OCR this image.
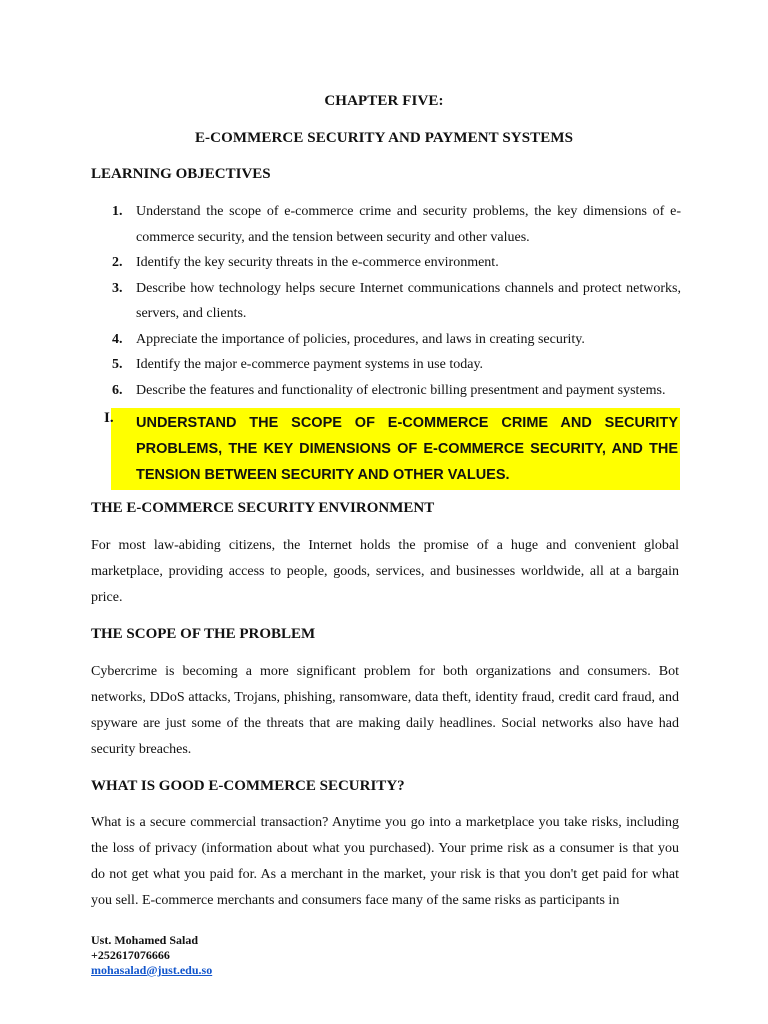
CHAPTER FIVE:
E-COMMERCE SECURITY AND PAYMENT SYSTEMS
LEARNING OBJECTIVES
1. Understand the scope of e-commerce crime and security problems, the key dimensions of e-commerce security, and the tension between security and other values.
2. Identify the key security threats in the e-commerce environment.
3. Describe how technology helps secure Internet communications channels and protect networks, servers, and clients.
4. Appreciate the importance of policies, procedures, and laws in creating security.
5. Identify the major e-commerce payment systems in use today.
6. Describe the features and functionality of electronic billing presentment and payment systems.
I. UNDERSTAND THE SCOPE OF E-COMMERCE CRIME AND SECURITY PROBLEMS, THE KEY DIMENSIONS OF E-COMMERCE SECURITY, AND THE TENSION BETWEEN SECURITY AND OTHER VALUES.
THE E-COMMERCE SECURITY ENVIRONMENT
For most law-abiding citizens, the Internet holds the promise of a huge and convenient global marketplace, providing access to people, goods, services, and businesses worldwide, all at a bargain price.
THE SCOPE OF THE PROBLEM
Cybercrime is becoming a more significant problem for both organizations and consumers. Bot networks, DDoS attacks, Trojans, phishing, ransomware, data theft, identity fraud, credit card fraud, and spyware are just some of the threats that are making daily headlines. Social networks also have had security breaches.
WHAT IS GOOD E-COMMERCE SECURITY?
What is a secure commercial transaction? Anytime you go into a marketplace you take risks, including the loss of privacy (information about what you purchased). Your prime risk as a consumer is that you do not get what you paid for. As a merchant in the market, your risk is that you don't get paid for what you sell. E-commerce merchants and consumers face many of the same risks as participants in
Ust. Mohamed Salad
+252617076666
mohasalad@just.edu.so
